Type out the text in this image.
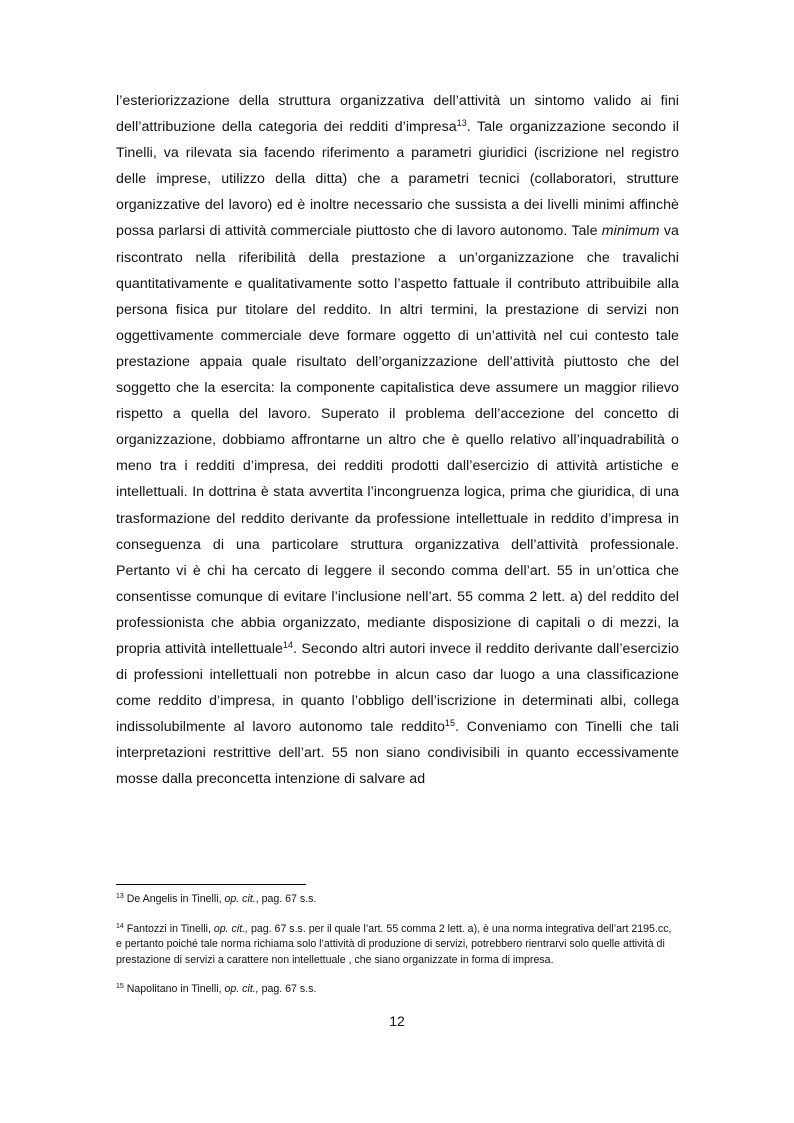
l’esteriorizzazione della struttura organizzativa dell’attività un sintomo valido ai fini dell’attribuzione della categoria dei redditi d’impresa$^{13}$. Tale organizzazione secondo il Tinelli, va rilevata sia facendo riferimento a parametri giuridici (iscrizione nel registro delle imprese, utilizzo della ditta) che a parametri tecnici (collaboratori, strutture organizzative del lavoro) ed è inoltre necessario che sussista a dei livelli minimi affinchè possa parlarsi di attività commerciale piuttosto che di lavoro autonomo. Tale minimum va riscontrato nella riferibilità della prestazione a un’organizzazione che travalichi quantitativamente e qualitativamente sotto l’aspetto fattuale il contributo attribuibile alla persona fisica pur titolare del reddito. In altri termini, la prestazione di servizi non oggettivamente commerciale deve formare oggetto di un’attività nel cui contesto tale prestazione appaia quale risultato dell’organizzazione dell’attività piuttosto che del soggetto che la esercita: la componente capitalistica deve assumere un maggior rilievo rispetto a quella del lavoro. Superato il problema dell’accezione del concetto di organizzazione, dobbiamo affrontarne un altro che è quello relativo all’inquadrabilità o meno tra i redditi d’impresa, dei redditi prodotti dall’esercizio di attività artistiche e intellettuali. In dottrina è stata avvertita l’incongruenza logica, prima che giuridica, di una trasformazione del reddito derivante da professione intellettuale in reddito d’impresa in conseguenza di una particolare struttura organizzativa dell’attività professionale. Pertanto vi è chi ha cercato di leggere il secondo comma dell’art. 55 in un’ottica che consentisse comunque di evitare l’inclusione nell’art. 55 comma 2 lett. a) del reddito del professionista che abbia organizzato, mediante disposizione di capitali o di mezzi, la propria attività intellettuale$^{14}$. Secondo altri autori invece il reddito derivante dall’esercizio di professioni intellettuali non potrebbe in alcun caso dar luogo a una classificazione come reddito d’impresa, in quanto l’obbligo dell’iscrizione in determinati albi, collega indissolubilmente al lavoro autonomo tale reddito$^{15}$. Conveniamo con Tinelli che tali interpretazioni restrittive dell’art. 55 non siano condivisibili in quanto eccessivamente mosse dalla preconcetta intenzione di salvare ad

$^{13}$ De Angelis in Tinelli, op. cit., pag. 67 s.s.

$^{14}$ Fantozzi in Tinelli, op. cit., pag. 67 s.s. per il quale l’art. 55 comma 2 lett. a), è una norma integrativa dell’art 2195.cc, e pertanto poiché tale norma richiama solo l’attività di produzione di servizi, potrebbero rientrarvi solo quelle attività di prestazione di servizi a carattere non intellettuale , che siano organizzate in forma di impresa.

$^{15}$ Napolitano in Tinelli, op. cit., pag. 67 s.s.

12
